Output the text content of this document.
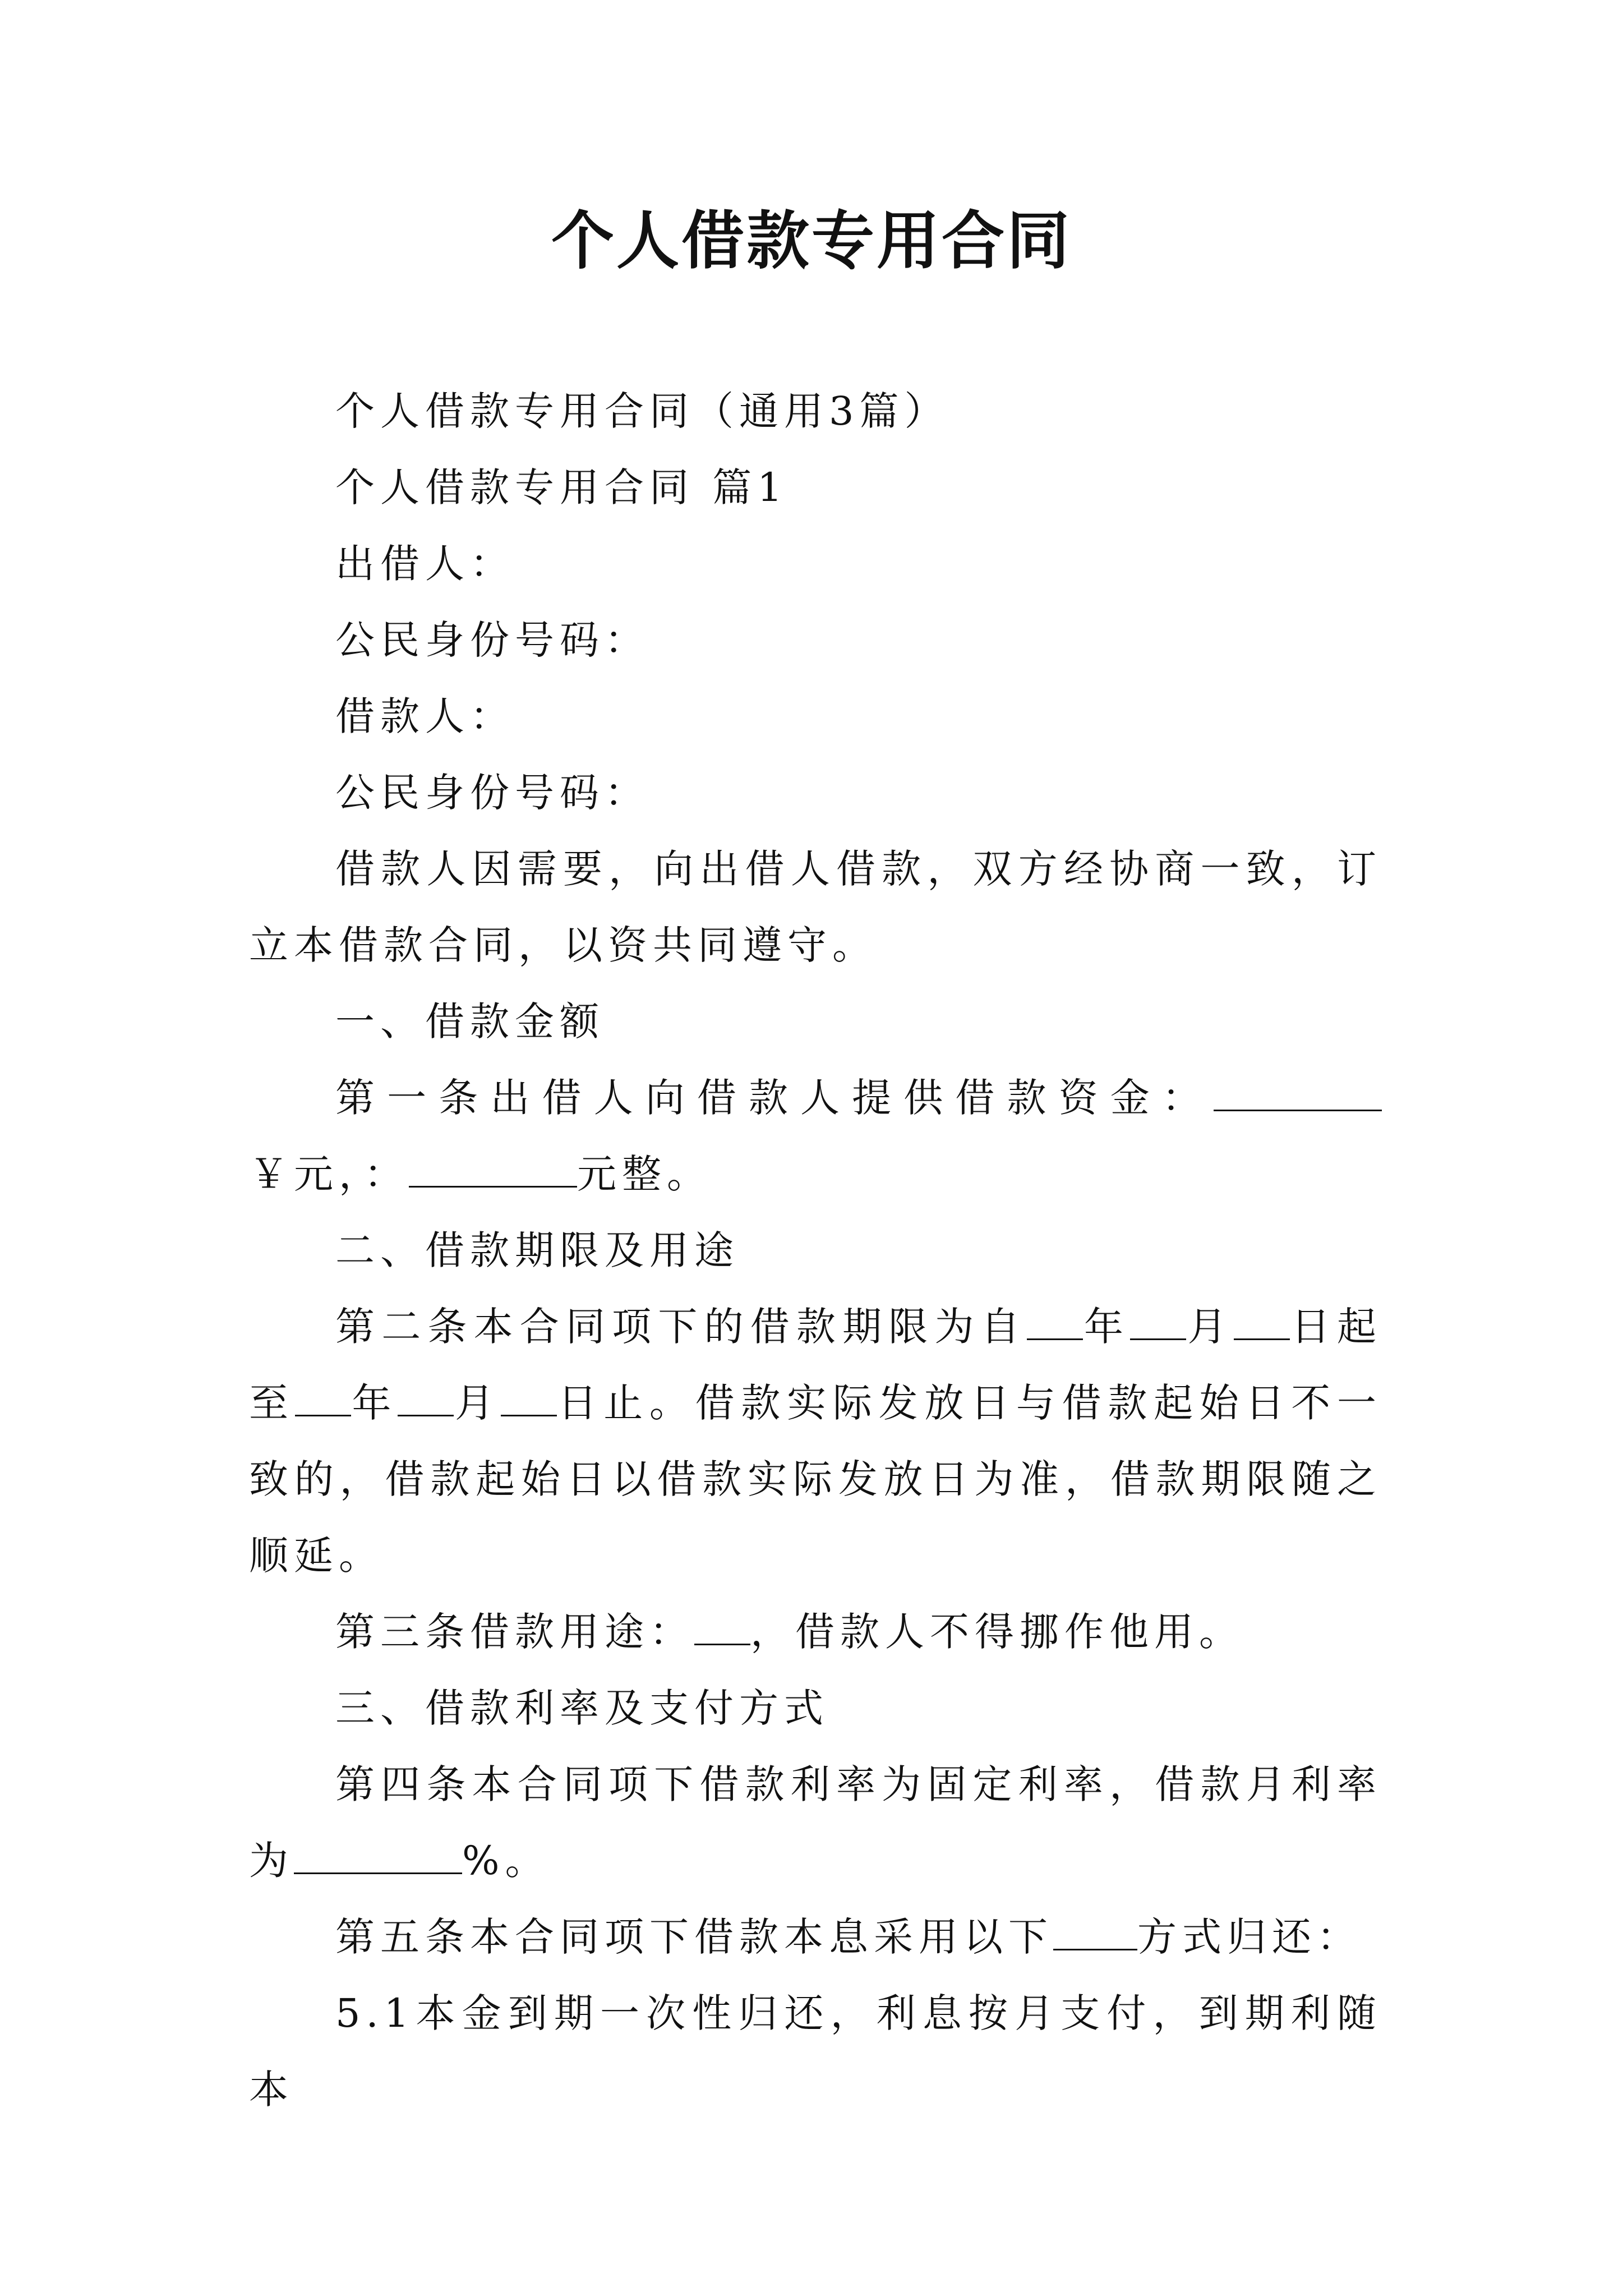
个人借款专用合同

个人借款专用合同（通用3篇）

个人借款专用合同 篇1

出借人：

公民身份号码：

借款人：

公民身份号码：

借款人因需要，向出借人借款，双方经协商一致，订立本借款合同，以资共同遵守。

一、借款金额

第一条出借人向借款人提供借款资金：￥元，：	元整。

二、借款期限及用途

第二条本合同项下的借款期限为自 年 月 日起至 年 月 日止。借款实际发放日与借款起始日不一致的，借款起始日以借款实际发放日为准，借款期限随之顺延。

第三条借款用途： ，借款人不得挪作他用。

三、借款利率及支付方式

第四条本合同项下借款利率为固定利率，借款月利率为	%。

第五条本合同项下借款本息采用以下 方式归还：

5.1本金到期一次性归还，利息按月支付，到期利随本
